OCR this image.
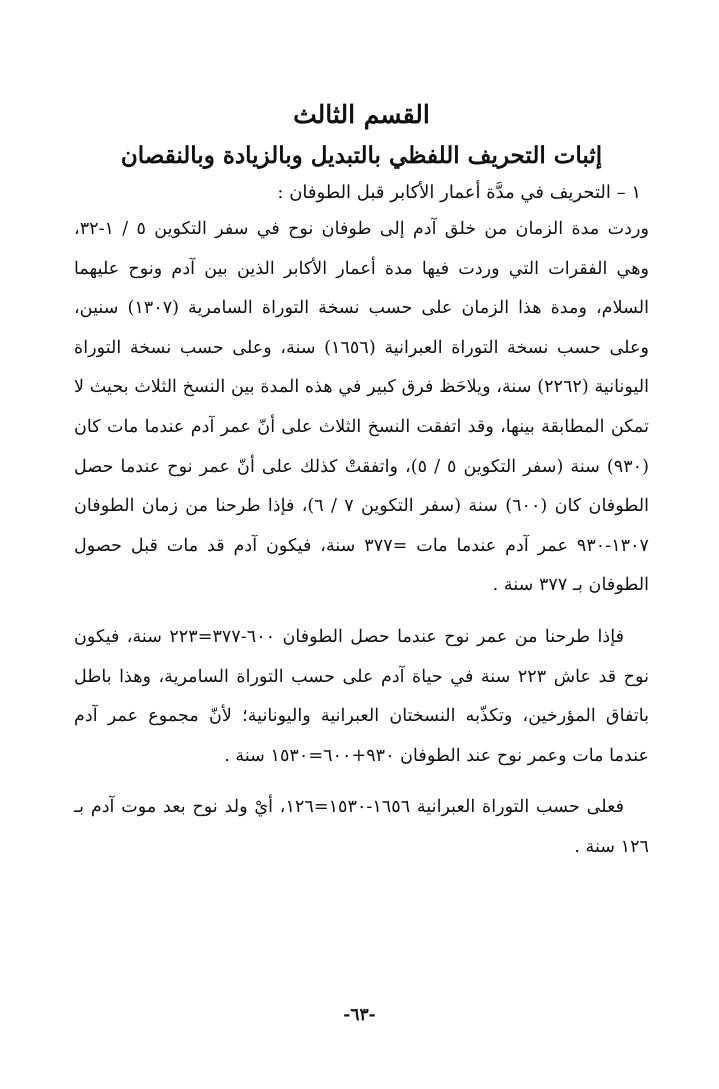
القسم الثالث
إثبات التحريف اللفظي بالتبديل وبالزيادة وبالنقصان

١ – التحريف في مدَّة أعمار الأكابر قبل الطوفان :

وردت مدة الزمان من خلق آدم إلى طوفان نوح في سفر التكوين ٥ / ١-٣٢، وهي الفقرات التي وردت فيها مدة أعمار الأكابر الذين بين آدم ونوح عليهما السلام، ومدة هذا الزمان على حسب نسخة التوراة السامرية (١٣٠٧) سنين، وعلى حسب نسخة التوراة العبرانية (١٦٥٦) سنة، وعلى حسب نسخة التوراة اليونانية (٢٢٦٢) سنة، ويلاحَظ فرق كبير في هذه المدة بين النسخ الثلاث بحيث لا تمكن المطابقة بينها، وقد اتفقت النسخ الثلاث على أنّ عمر آدم عندما مات كان (٩٣٠) سنة (سفر التكوين ٥ / ٥)، واتفقتْ كذلك على أنّ عمر نوح عندما حصل الطوفان كان (٦٠٠) سنة (سفر التكوين ٧ / ٦)، فإذا طرحنا من زمان الطوفان ١٣٠٧-٩٣٠ عمر آدم عندما مات =٣٧٧ سنة، فيكون آدم قد مات قبل حصول الطوفان بـ ٣٧٧ سنة .

فإذا طرحنا من عمر نوح عندما حصل الطوفان ٦٠٠-٣٧٧=٢٢٣ سنة، فيكون نوح قد عاش ٢٢٣ سنة في حياة آدم على حسب التوراة السامرية، وهذا باطل باتفاق المؤرخين، وتكذّبه النسختان العبرانية واليونانية؛ لأنّ مجموع عمر آدم عندما مات وعمر نوح عند الطوفان ٩٣٠+٦٠٠=١٥٣٠ سنة .

فعلى حسب التوراة العبرانية ١٦٥٦-١٥٣٠=١٢٦، أيْ ولد نوح بعد موت آدم بـ ١٢٦ سنة .

-٦٣-
